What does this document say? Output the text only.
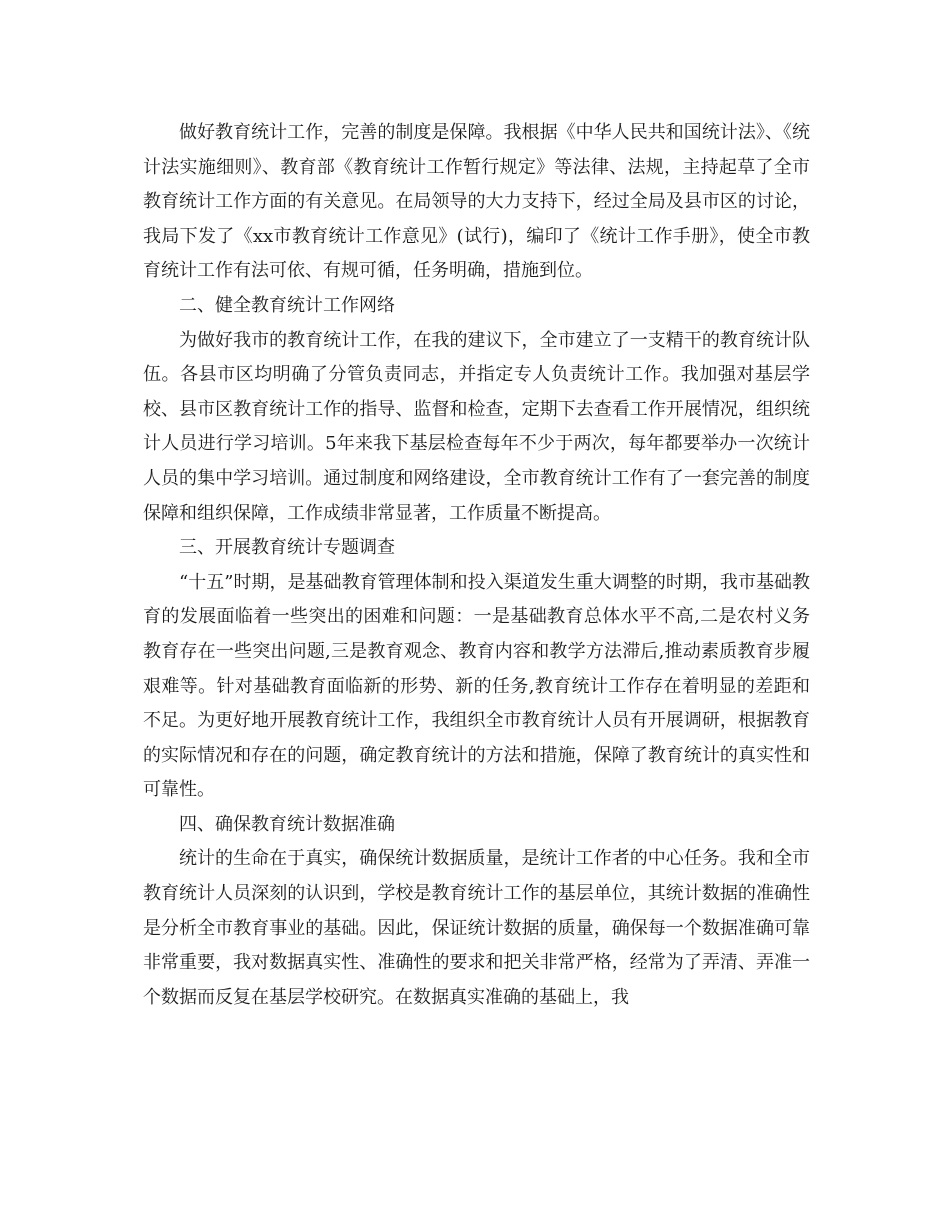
做好教育统计工作，完善的制度是保障。我根据《中华人民共和国统计法》、《统计法实施细则》、教育部《教育统计工作暂行规定》等法律、法规，主持起草了全市教育统计工作方面的有关意见。在局领导的大力支持下，经过全局及县市区的讨论，我局下发了《xx市教育统计工作意见》(试行)，编印了《统计工作手册》，使全市教育统计工作有法可依、有规可循，任务明确，措施到位。

二、健全教育统计工作网络

为做好我市的教育统计工作，在我的建议下，全市建立了一支精干的教育统计队伍。各县市区均明确了分管负责同志，并指定专人负责统计工作。我加强对基层学校、县市区教育统计工作的指导、监督和检查，定期下去查看工作开展情况，组织统计人员进行学习培训。5年来我下基层检查每年不少于两次，每年都要举办一次统计人员的集中学习培训。通过制度和网络建设，全市教育统计工作有了一套完善的制度保障和组织保障，工作成绩非常显著，工作质量不断提高。

三、开展教育统计专题调查

“十五”时期，是基础教育管理体制和投入渠道发生重大调整的时期，我市基础教育的发展面临着一些突出的困难和问题：一是基础教育总体水平不高,二是农村义务教育存在一些突出问题,三是教育观念、教育内容和教学方法滞后,推动素质教育步履艰难等。针对基础教育面临新的形势、新的任务,教育统计工作存在着明显的差距和不足。为更好地开展教育统计工作，我组织全市教育统计人员有开展调研，根据教育的实际情况和存在的问题，确定教育统计的方法和措施，保障了教育统计的真实性和可靠性。

四、确保教育统计数据准确

统计的生命在于真实，确保统计数据质量，是统计工作者的中心任务。我和全市教育统计人员深刻的认识到，学校是教育统计工作的基层单位，其统计数据的准确性是分析全市教育事业的基础。因此，保证统计数据的质量，确保每一个数据准确可靠非常重要，我对数据真实性、准确性的要求和把关非常严格，经常为了弄清、弄准一个数据而反复在基层学校研究。在数据真实准确的基础上，我
